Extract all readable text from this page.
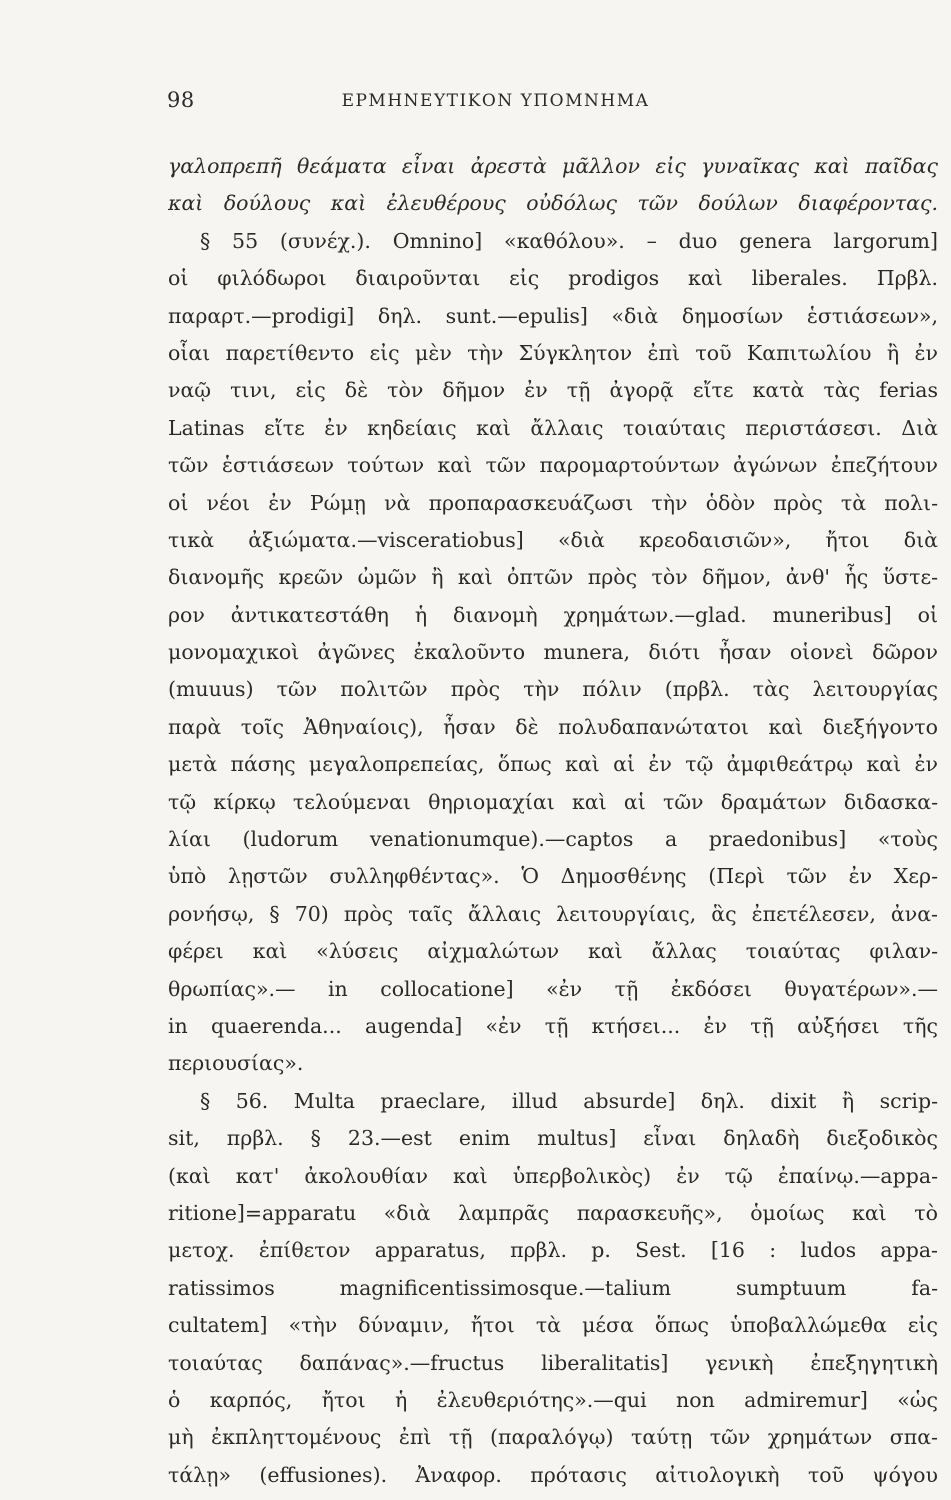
98	ΕΡΜΗΝΕΥΤΙΚΟΝ ΥΠΟΜΝΗΜΑ
γαλοπρεπῆ θεάματα εἶναι ἀρεστὰ μᾶλλον εἰς γυναῖκας καὶ παῖδας
καὶ δούλους καὶ ἐλευθέρους οὐδόλως τῶν δούλων διαφέροντας.
§ 55 (συνέχ.). Omnino] «καθόλου». – duo genera largorum]
οἱ φιλόδωροι διαιροῦνται εἰς prodigos καὶ liberales. Πρβλ.
παραρτ.—prodigi] δηλ. sunt.—epulis] «διὰ δημοσίων ἑστιάσεων»,
οἷαι παρετίθεντο εἰς μὲν τὴν Σύγκλητον ἐπὶ τοῦ Καπιτωλίου ἢ ἐν
ναῷ τινι, εἰς δὲ τὸν δῆμον ἐν τῇ ἀγορᾷ εἴτε κατὰ τὰς ferias
Latinas εἴτε ἐν κηδείαις καὶ ἄλλαις τοιαύταις περιστάσεσι. Διὰ
τῶν ἑστιάσεων τούτων καὶ τῶν παρομαρτούντων ἀγώνων ἐπεζήτουν
οἱ νέοι ἐν Ρώμῃ νὰ προπαρασκευάζωσι τὴν ὁδὸν πρὸς τὰ πολι-
τικὰ ἀξιώματα.—visceratiobus] «διὰ κρεοδαισιῶν», ἤτοι διὰ
διανομῆς κρεῶν ὠμῶν ἢ καὶ ὀπτῶν πρὸς τὸν δῆμον, ἀνθ' ἧς ὕστε-
ρον ἀντικατεστάθη ἡ διανομὴ χρημάτων.—glad. muneribus] οἱ
μονομαχικοὶ ἀγῶνες ἐκαλοῦντο munera, διότι ἦσαν οἱονεὶ δῶρον
(muuus) τῶν πολιτῶν πρὸς τὴν πόλιν (πρβλ. τὰς λειτουργίας
παρὰ τοῖς Ἀθηναίοις), ἦσαν δὲ πολυδαπανώτατοι καὶ διεξήγοντο
μετὰ πάσης μεγαλοπρεπείας, ὅπως καὶ αἱ ἐν τῷ ἀμφιθεάτρῳ καὶ ἐν
τῷ κίρκῳ τελούμεναι θηριομαχίαι καὶ αἱ τῶν δραμάτων διδασκα-
λίαι (ludorum venationumque).—captos a praedonibus] «τοὺς
ὑπὸ λῃστῶν συλληφθέντας». Ὁ Δημοσθένης (Περὶ τῶν ἐν Χερ-
ρονήσῳ, § 70) πρὸς ταῖς ἄλλαις λειτουργίαις, ἃς ἐπετέλεσεν, ἀνα-
φέρει καὶ «λύσεις αἰχμαλώτων καὶ ἄλλας τοιαύτας φιλαν-
θρωπίας».— in collocatione] «ἐν τῇ ἐκδόσει θυγατέρων».—
in quaerenda... augenda] «ἐν τῇ κτήσει... ἐν τῇ αὐξήσει τῆς
περιουσίας».
§ 56. Multa praeclare, illud absurde] δηλ. dixit ἢ scrip-
sit, πρβλ. § 23.—est enim multus] εἶναι δηλαδὴ διεξοδικὸς
(καὶ κατ' ἀκολουθίαν καὶ ὑπερβολικὸς) ἐν τῷ ἐπαίνῳ.—appa-
ritione]=apparatu «διὰ λαμπρᾶς παρασκευῆς», ὁμοίως καὶ τὸ
μετοχ. ἐπίθετον apparatus, πρβλ. p. Sest. [16 : ludos appa-
ratissimos magnificentissimosque.—talium sumptuum fa-
cultatem] «τὴν δύναμιν, ἤτοι τὰ μέσα ὅπως ὑποβαλλώμεθα εἰς
τοιαύτας δαπάνας».—fructus liberalitatis] γενικὴ ἐπεξηγητικὴ
ὁ καρπός, ἤτοι ἡ ἐλευθεριότης».—qui non admiremur] «ὡς
μὴ ἐκπληττομένους ἐπὶ τῇ (παραλόγῳ) ταύτῃ τῶν χρημάτων σπα-
τάλῃ» (effusiones). Ἀναφορ. πρότασις αἰτιολογικὴ τοῦ ψόγου
